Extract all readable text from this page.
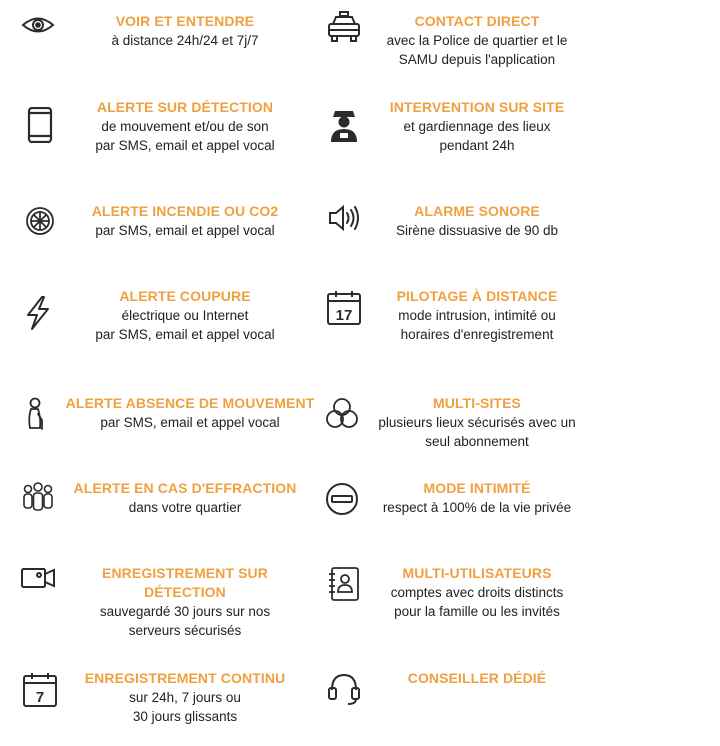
VOIR ET ENTENDRE
à distance 24h/24 et 7j/7
ALERTE SUR DÉTECTION
de mouvement et/ou de son
par SMS, email et appel vocal
ALERTE INCENDIE OU CO2
par SMS, email et appel vocal
ALERTE COUPURE
électrique ou Internet
par SMS, email et appel vocal
ALERTE ABSENCE DE MOUVEMENT
par SMS, email et appel vocal
ALERTE EN CAS D'EFFRACTION
dans votre quartier
ENREGISTREMENT SUR DÉTECTION
sauvegardé 30 jours sur nos
serveurs sécurisés
7
ENREGISTREMENT CONTINU
sur 24h, 7 jours ou
30 jours glissants
CONTACT DIRECT
avec la Police de quartier et le
SAMU depuis l'application
INTERVENTION SUR SITE
et gardiennage des lieux
pendant 24h
ALARME SONORE
Sirène dissuasive de 90 db
17
PILOTAGE À DISTANCE
mode intrusion, intimité ou
horaires d'enregistrement
MULTI-SITES
plusieurs lieux sécurisés avec un
seul abonnement
MODE INTIMITÉ
respect à 100% de la vie privée
MULTI-UTILISATEURS
comptes avec droits distincts
pour la famille ou les invités
CONSEILLER DÉDIÉ
